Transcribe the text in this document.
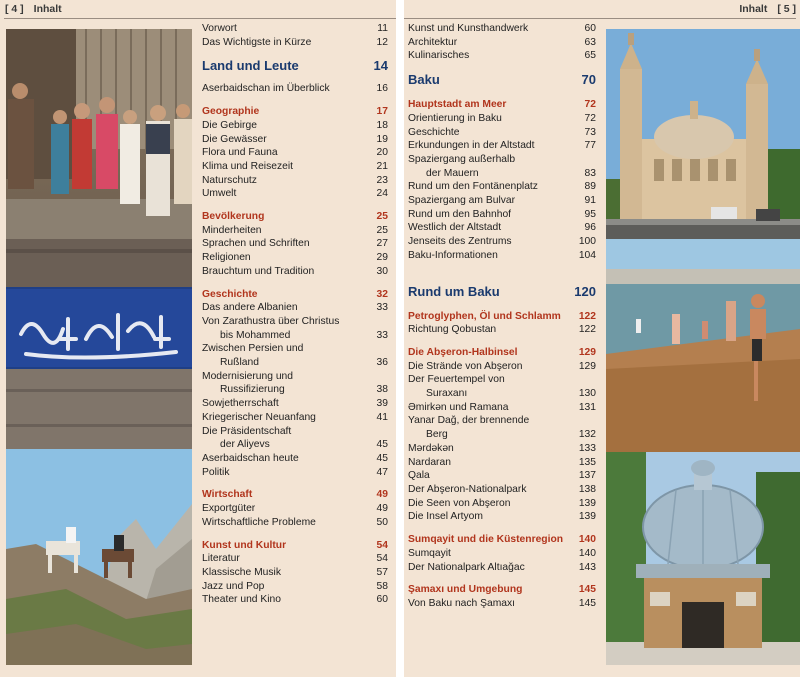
[ 4 ] Inhalt
Vorwort	11
Das Wichtigste in Kürze	12
Land und Leute	14
Aserbaidschan im Überblick	16
Geographie	17
Die Gebirge	18
Die Gewässer	19
Flora und Fauna	20
Klima und Reisezeit	21
Naturschutz	23
Umwelt	24
Bevölkerung	25
Minderheiten	25
Sprachen und Schriften	27
Religionen	29
Brauchtum und Tradition	30
Geschichte	32
Das andere Albanien	33
Von Zarathustra über Christus
bis Mohammed	33
Zwischen Persien und
Rußland	36
Modernisierung und
Russifizierung	38
Sowjetherrschaft	39
Kriegerischer Neuanfang	41
Die Präsidentschaft
der Aliyevs	45
Aserbaidschan heute	45
Politik	47
Wirtschaft	49
Exportgüter	49
Wirtschaftliche Probleme	50
Kunst und Kultur	54
Literatur	54
Klassische Musik	57
Jazz und Pop	58
Theater und Kino	60
Inhalt [ 5 ]
Kunst und Kunsthandwerk	60
Architektur	63
Kulinarisches	65
Baku	70
Hauptstadt am Meer	72
Orientierung in Baku	72
Geschichte	73
Erkundungen in der Altstadt	77
Spaziergang außerhalb
der Mauern	83
Rund um den Fontänenplatz	89
Spaziergang am Bulvar	91
Rund um den Bahnhof	95
Westlich der Altstadt	96
Jenseits des Zentrums	100
Baku-Informationen	104
Rund um Baku	120
Petroglyphen, Öl und Schlamm	122
Richtung Qobustan	122
Die Abşeron-Halbinsel	129
Die Strände von Abşeron	129
Der Feuertempel von
Suraxanı	130
Əmirkən und Ramana	131
Yanar Dağ, der brennende
Berg	132
Mərdəkən	133
Nardaran	135
Qala	137
Der Abşeron-Nationalpark	138
Die Seen von Abşeron	139
Die Insel Artyom	139
Sumqayit und die Küstenregion	140
Sumqayit	140
Der Nationalpark Altıağac	143
Şamaxı und Umgebung	145
Von Baku nach Şamaxı	145
